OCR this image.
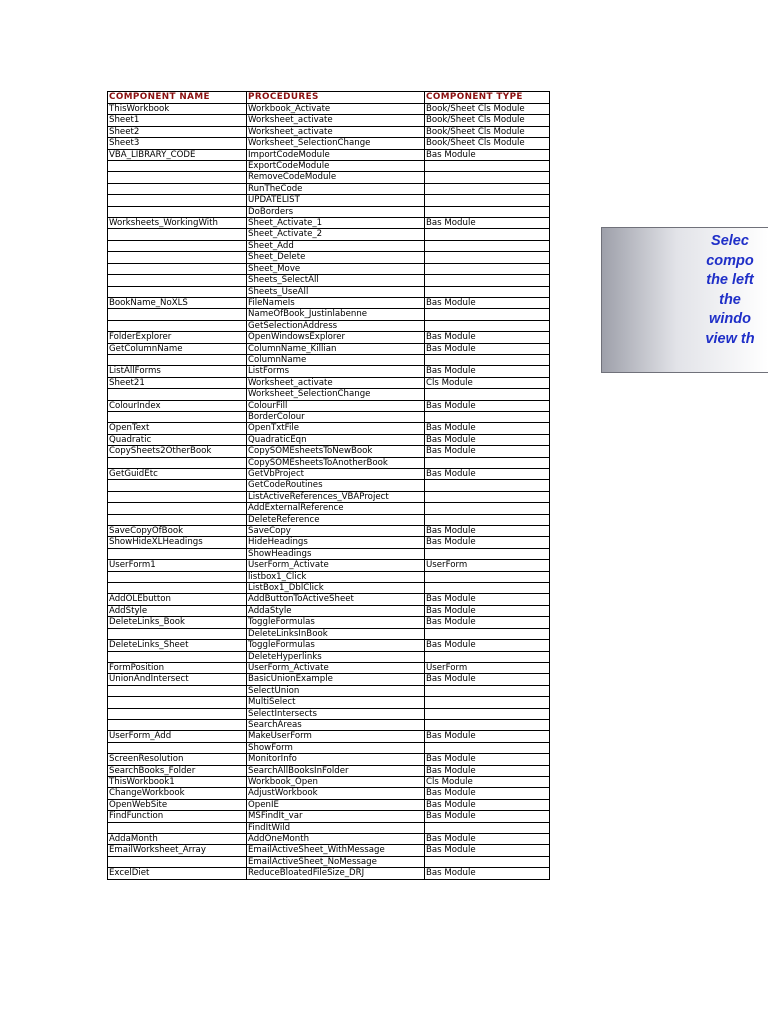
COMPONENT NAME	PROCEDURES	COMPONENT TYPE
ThisWorkbook	Workbook_Activate	Book/Sheet Cls Module
Sheet1	Worksheet_activate	Book/Sheet Cls Module
Sheet2	Worksheet_activate	Book/Sheet Cls Module
Sheet3	Worksheet_SelectionChange	Book/Sheet Cls Module
VBA_LIBRARY_CODE	ImportCodeModule	Bas Module
	ExportCodeModule	
	RemoveCodeModule	
	RunTheCode	
	UPDATELIST	
	DoBorders	
Worksheets_WorkingWith	Sheet_Activate_1	Bas Module
	Sheet_Activate_2	
	Sheet_Add	
	Sheet_Delete	
	Sheet_Move	
	Sheets_SelectAll	
	Sheets_UseAll	
BookName_NoXLS	FileNameIs	Bas Module
	NameOfBook_Justinlabenne	
	GetSelectionAddress	
FolderExplorer	OpenWindowsExplorer	Bas Module
GetColumnName	ColumnName_Killian	Bas Module
	ColumnName	
ListAllForms	ListForms	Bas Module
Sheet21	Worksheet_activate	Cls Module
	Worksheet_SelectionChange	
ColourIndex	ColourFill	Bas Module
	BorderColour	
OpenText	OpenTxtFile	Bas Module
Quadratic	QuadraticEqn	Bas Module
CopySheets2OtherBook	CopySOMEsheetsToNewBook	Bas Module
	CopySOMEsheetsToAnotherBook	
GetGuidEtc	GetVbProject	Bas Module
	GetCodeRoutines	
	ListActiveReferences_VBAProject	
	AddExternalReference	
	DeleteReference	
SaveCopyOfBook	SaveCopy	Bas Module
ShowHideXLHeadings	HideHeadings	Bas Module
	ShowHeadings	
UserForm1	UserForm_Activate	UserForm
	listbox1_Click	
	ListBox1_DblClick	
AddOLEbutton	AddButtonToActiveSheet	Bas Module
AddStyle	AddaStyle	Bas Module
DeleteLinks_Book	ToggleFormulas	Bas Module
	DeleteLinksInBook	
DeleteLinks_Sheet	ToggleFormulas	Bas Module
	DeleteHyperlinks	
FormPosition	UserForm_Activate	UserForm
UnionAndIntersect	BasicUnionExample	Bas Module
	SelectUnion	
	MultiSelect	
	SelectIntersects	
	SearchAreas	
UserForm_Add	MakeUserForm	Bas Module
	ShowForm	
ScreenResolution	MonitorInfo	Bas Module
SearchBooks_Folder	SearchAllBooksInFolder	Bas Module
ThisWorkbook1	Workbook_Open	Cls Module
ChangeWorkbook	AdjustWorkbook	Bas Module
OpenWebSite	OpenIE	Bas Module
FindFunction	MSFindIt_var	Bas Module
	FindItWild	
AddaMonth	AddOneMonth	Bas Module
EmailWorksheet_Array	EmailActiveSheet_WithMessage	Bas Module
	EmailActiveSheet_NoMessage	
ExcelDiet	ReduceBloatedFileSize_DRJ	Bas Module
Selec
compo
the left
the
windo
view th
